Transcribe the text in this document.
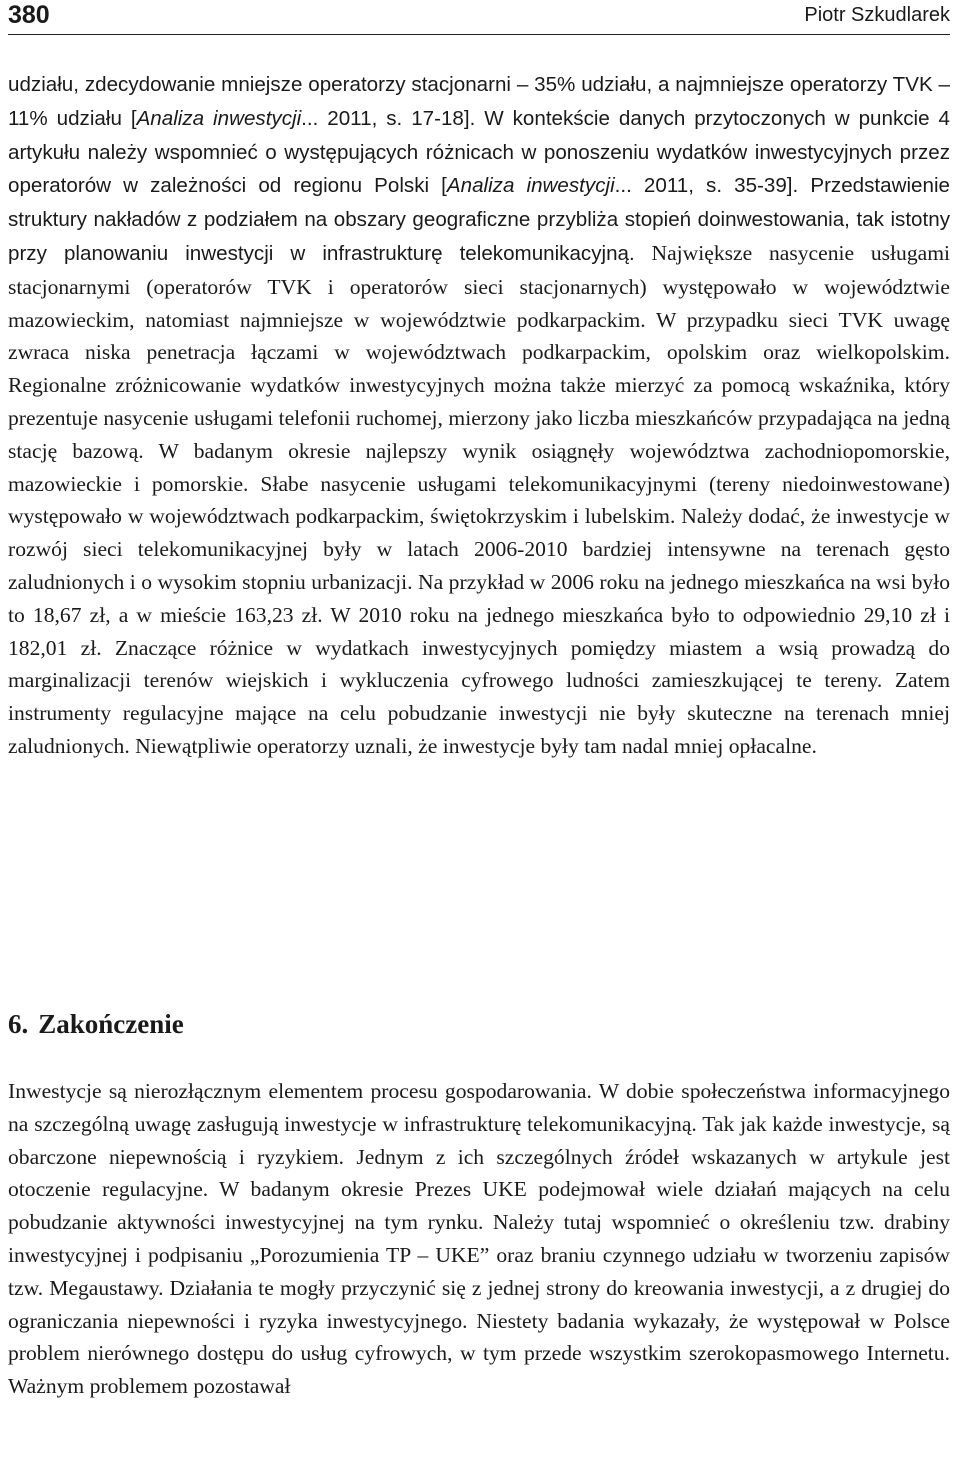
380	Piotr Szkudlarek
udziału, zdecydowanie mniejsze operatorzy stacjonarni – 35% udziału, a najmniejsze operatorzy TVK – 11% udziału [Analiza inwestycji... 2011, s. 17-18]. W kontekście danych przytoczonych w punkcie 4 artykułu należy wspomnieć o występujących różnicach w ponoszeniu wydatków inwestycyjnych przez operatorów w zależności od regionu Polski [Analiza inwestycji... 2011, s. 35-39]. Przedstawienie struktury nakładów z podziałem na obszary geograficzne przybliża stopień doinwestowania, tak istotny przy planowaniu inwestycji w infrastrukturę telekomunikacyjną. Największe nasycenie usługami stacjonarnymi (operatorów TVK i operatorów sieci stacjonarnych) występowało w województwie mazowieckim, natomiast najmniejsze w województwie podkarpackim. W przypadku sieci TVK uwagę zwraca niska penetracja łączami w województwach podkarpackim, opolskim oraz wielkopolskim. Regionalne zróżnicowanie wydatków inwestycyjnych można także mierzyć za pomocą wskaźnika, który prezentuje nasycenie usługami telefonii ruchomej, mierzony jako liczba mieszkańców przypadająca na jedną stację bazową. W badanym okresie najlepszy wynik osiągnęły województwa zachodniopomorskie, mazowieckie i pomorskie. Słabe nasycenie usługami telekomunikacyjnymi (tereny niedoinwestowane) występowało w województwach podkarpackim, świętokrzyskim i lubelskim. Należy dodać, że inwestycje w rozwój sieci telekomunikacyjnej były w latach 2006-2010 bardziej intensywne na terenach gęsto zaludnionych i o wysokim stopniu urbanizacji. Na przykład w 2006 roku na jednego mieszkańca na wsi było to 18,67 zł, a w mieście 163,23 zł. W 2010 roku na jednego mieszkańca było to odpowiednio 29,10 zł i 182,01 zł. Znaczące różnice w wydatkach inwestycyjnych pomiędzy miastem a wsią prowadzą do marginalizacji terenów wiejskich i wykluczenia cyfrowego ludności zamieszkującej te tereny. Zatem instrumenty regulacyjne mające na celu pobudzanie inwestycji nie były skuteczne na terenach mniej zaludnionych. Niewątpliwie operatorzy uznali, że inwestycje były tam nadal mniej opłacalne.
6. Zakończenie
Inwestycje są nierozłącznym elementem procesu gospodarowania. W dobie społeczeństwa informacyjnego na szczególną uwagę zasługują inwestycje w infrastrukturę telekomunikacyjną. Tak jak każde inwestycje, są obarczone niepewnością i ryzykiem. Jednym z ich szczególnych źródeł wskazanych w artykule jest otoczenie regulacyjne. W badanym okresie Prezes UKE podejmował wiele działań mających na celu pobudzanie aktywności inwestycyjnej na tym rynku. Należy tutaj wspomnieć o określeniu tzw. drabiny inwestycyjnej i podpisaniu „Porozumienia TP – UKE” oraz braniu czynnego udziału w tworzeniu zapisów tzw. Megaustawy. Działania te mogły przyczynić się z jednej strony do kreowania inwestycji, a z drugiej do ograniczania niepewności i ryzyka inwestycyjnego. Niestety badania wykazały, że występował w Polsce problem nierównego dostępu do usług cyfrowych, w tym przede wszystkim szerokopasmowego Internetu. Ważnym problemem pozostawał
